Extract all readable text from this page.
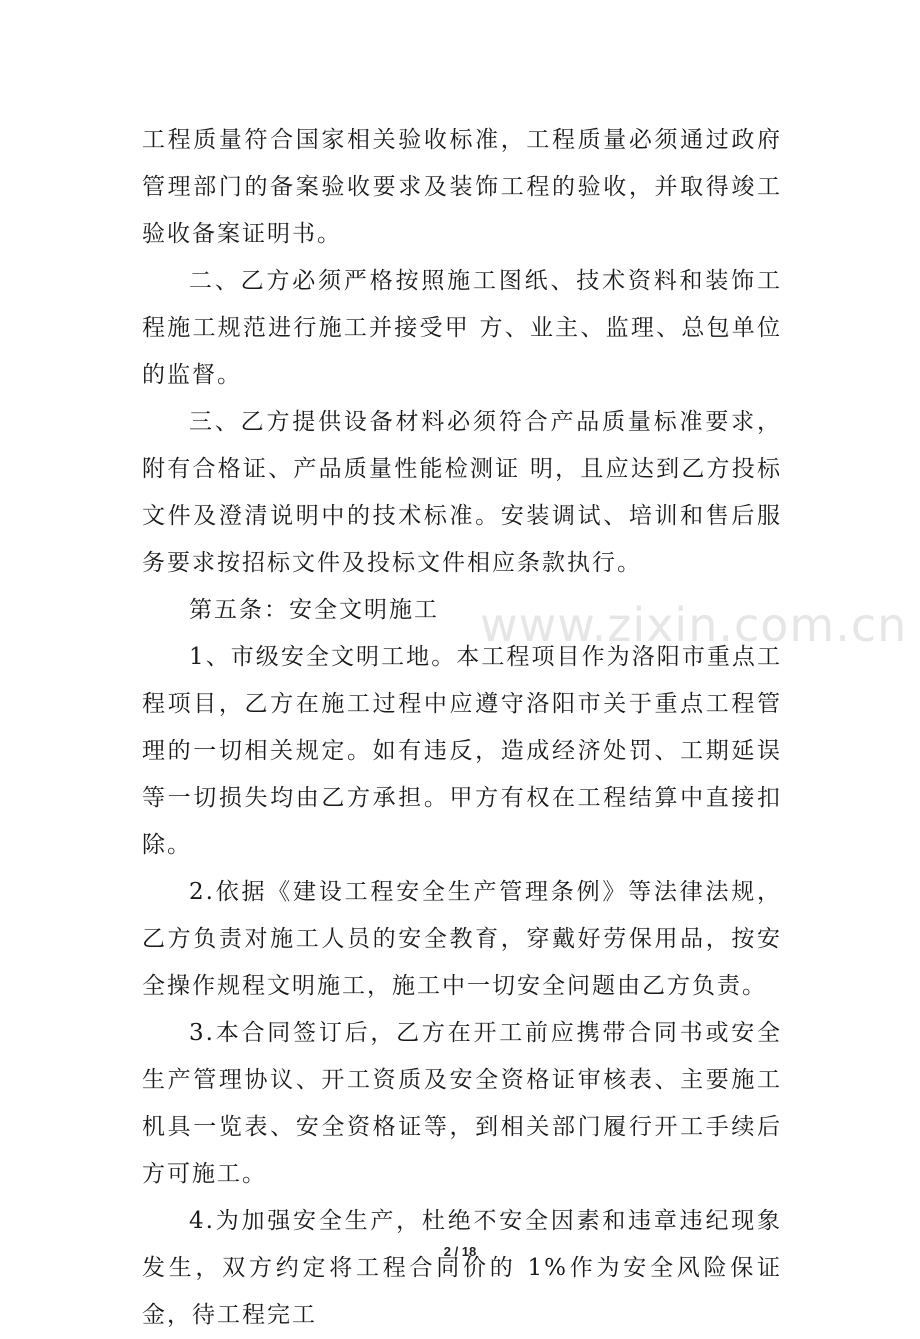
www.zixin.com.cn

工程质量符合国家相关验收标准，工程质量必须通过政府管理部门的备案验收要求及装饰工程的验收，并取得竣工验收备案证明书。

二、乙方必须严格按照施工图纸、技术资料和装饰工程施工规范进行施工并接受甲 方、业主、监理、总包单位的监督。

三、乙方提供设备材料必须符合产品质量标准要求，附有合格证、产品质量性能检测证 明，且应达到乙方投标文件及澄清说明中的技术标准。安装调试、培训和售后服务要求按招标文件及投标文件相应条款执行。

第五条：安全文明施工

1、市级安全文明工地。本工程项目作为洛阳市重点工程项目，乙方在施工过程中应遵守洛阳市关于重点工程管理的一切相关规定。如有违反，造成经济处罚、工期延误等一切损失均由乙方承担。甲方有权在工程结算中直接扣除。

2.依据《建设工程安全生产管理条例》等法律法规，乙方负责对施工人员的安全教育，穿戴好劳保用品，按安全操作规程文明施工，施工中一切安全问题由乙方负责。

3.本合同签订后，乙方在开工前应携带合同书或安全生产管理协议、开工资质及安全资格证审核表、主要施工机具一览表、安全资格证等，到相关部门履行开工手续后方可施工。

4.为加强安全生产，杜绝不安全因素和违章违纪现象发生，双方约定将工程合同价的 1%作为安全风险保证金，待工程完工

2 / 18
